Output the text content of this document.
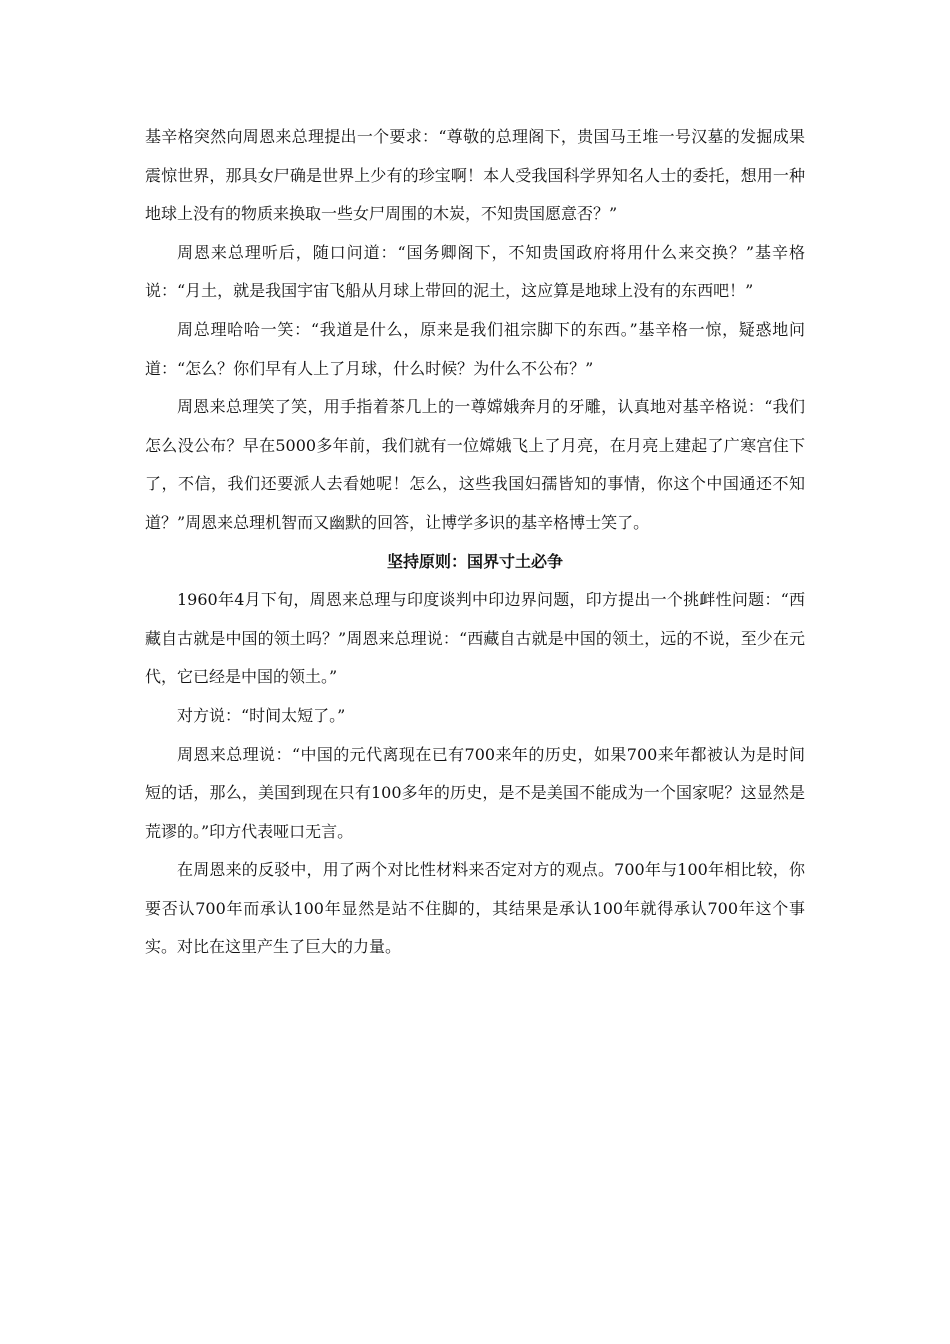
基辛格突然向周恩来总理提出一个要求：“尊敬的总理阁下，贵国马王堆一号汉墓的发掘成果震惊世界，那具女尸确是世界上少有的珍宝啊！本人受我国科学界知名人士的委托，想用一种地球上没有的物质来换取一些女尸周围的木炭，不知贵国愿意否？”

周恩来总理听后，随口问道：“国务卿阁下，不知贵国政府将用什么来交换？”基辛格说：“月土，就是我国宇宙飞船从月球上带回的泥土，这应算是地球上没有的东西吧！”

周总理哈哈一笑：“我道是什么，原来是我们祖宗脚下的东西。”基辛格一惊，疑惑地问道：“怎么？你们早有人上了月球，什么时候？为什么不公布？”

周恩来总理笑了笑，用手指着茶几上的一尊嫦娥奔月的牙雕，认真地对基辛格说：“我们怎么没公布？早在5000多年前，我们就有一位嫦娥飞上了月亮，在月亮上建起了广寒宫住下了，不信，我们还要派人去看她呢！怎么，这些我国妇孺皆知的事情，你这个中国通还不知道？”周恩来总理机智而又幽默的回答，让博学多识的基辛格博士笑了。

坚持原则：国界寸土必争

1960年4月下旬，周恩来总理与印度谈判中印边界问题，印方提出一个挑衅性问题：“西藏自古就是中国的领土吗？”周恩来总理说：“西藏自古就是中国的领土，远的不说，至少在元代，它已经是中国的领土。”

对方说：“时间太短了。”

周恩来总理说：“中国的元代离现在已有700来年的历史，如果700来年都被认为是时间短的话，那么，美国到现在只有100多年的历史，是不是美国不能成为一个国家呢？这显然是荒谬的。”印方代表哑口无言。

在周恩来的反驳中，用了两个对比性材料来否定对方的观点。700年与100年相比较，你要否认700年而承认100年显然是站不住脚的，其结果是承认100年就得承认700年这个事实。对比在这里产生了巨大的力量。
